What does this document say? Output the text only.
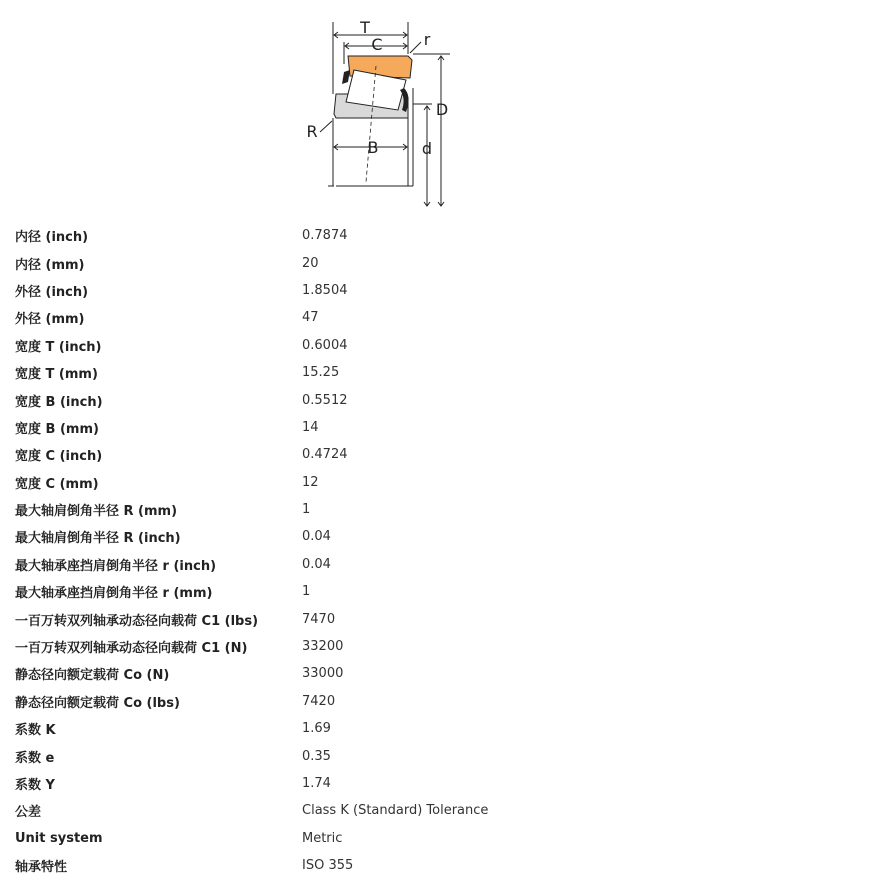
T
C	r
D
R
B	d
内径 (inch)	0.7874
内径 (mm)	20
外径 (inch)	1.8504
外径 (mm)	47
宽度 T (inch)	0.6004
宽度 T (mm)	15.25
宽度 B (inch)	0.5512
宽度 B (mm)	14
宽度 C (inch)	0.4724
宽度 C (mm)	12
最大轴肩倒角半径 R (mm)	1
最大轴肩倒角半径 R (inch)	0.04
最大轴承座挡肩倒角半径 r (inch)	0.04
最大轴承座挡肩倒角半径 r (mm)	1
一百万转双列轴承动态径向载荷 C1 (lbs)	7470
一百万转双列轴承动态径向载荷 C1 (N)	33200
静态径向额定载荷 Co (N)	33000
静态径向额定载荷 Co (lbs)	7420
系数 K	1.69
系数 e	0.35
系数 Y	1.74
公差	Class K (Standard) Tolerance
Unit system	Metric
轴承特性	ISO 355
